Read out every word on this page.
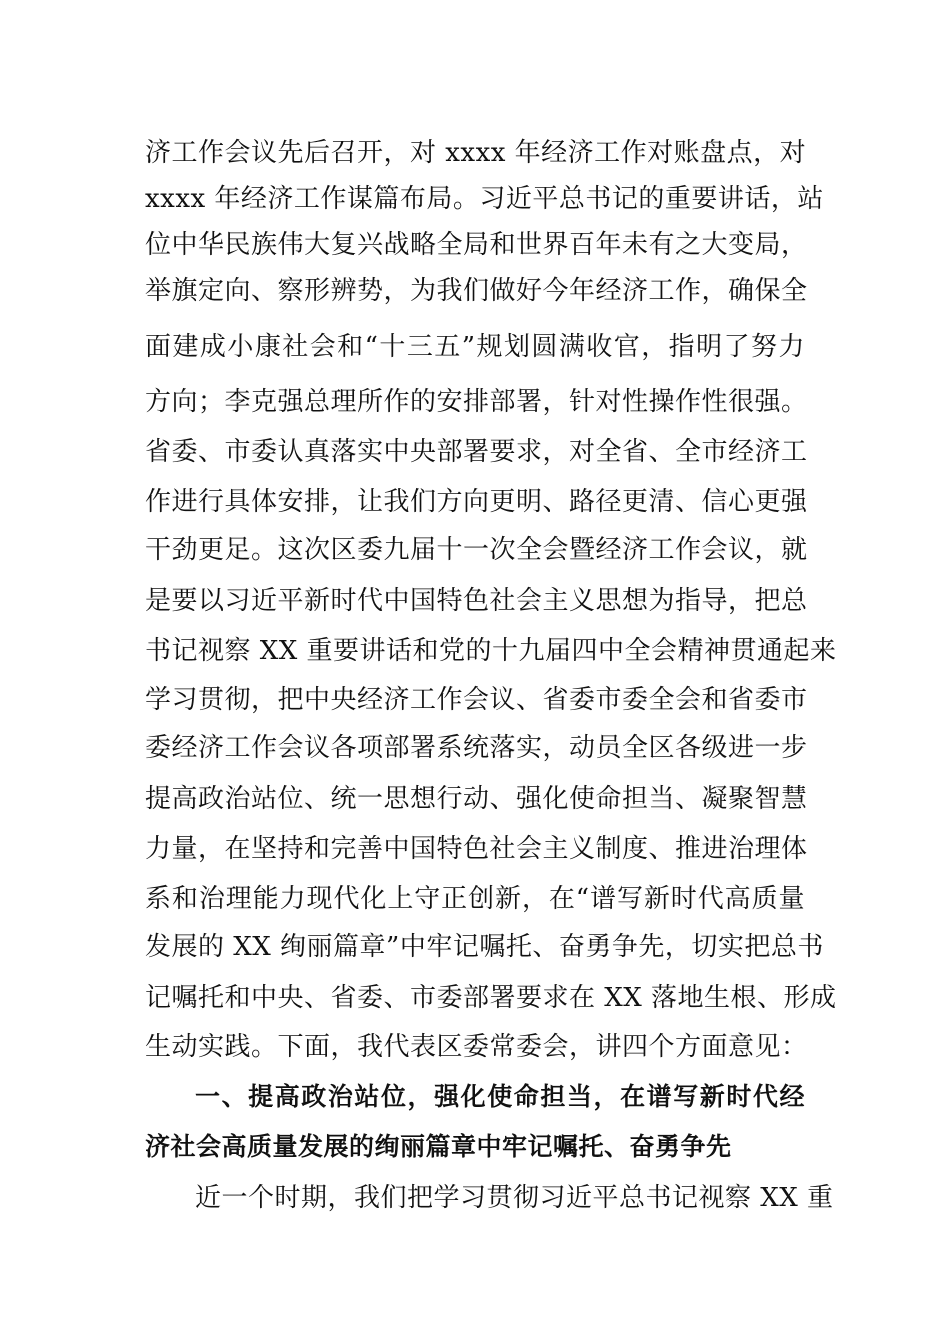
济工作会议先后召开，对 xxxx 年经济工作对账盘点，对
xxxx 年经济工作谋篇布局。习近平总书记的重要讲话，站
位中华民族伟大复兴战略全局和世界百年未有之大变局，
举旗定向、察形辨势，为我们做好今年经济工作，确保全
面建成小康社会和“十三五”规划圆满收官，指明了努力
方向；李克强总理所作的安排部署，针对性操作性很强。
省委、市委认真落实中央部署要求，对全省、全市经济工
作进行具体安排，让我们方向更明、路径更清、信心更强
干劲更足。这次区委九届十一次全会暨经济工作会议，就
是要以习近平新时代中国特色社会主义思想为指导，把总
书记视察 XX 重要讲话和党的十九届四中全会精神贯通起来
学习贯彻，把中央经济工作会议、省委市委全会和省委市
委经济工作会议各项部署系统落实，动员全区各级进一步
提高政治站位、统一思想行动、强化使命担当、凝聚智慧
力量，在坚持和完善中国特色社会主义制度、推进治理体
系和治理能力现代化上守正创新，在“谱写新时代高质量
发展的 XX 绚丽篇章”中牢记嘱托、奋勇争先，切实把总书
记嘱托和中央、省委、市委部署要求在 XX 落地生根、形成
生动实践。下面，我代表区委常委会，讲四个方面意见：
一、提高政治站位，强化使命担当，在谱写新时代经
济社会高质量发展的绚丽篇章中牢记嘱托、奋勇争先
近一个时期，我们把学习贯彻习近平总书记视察 XX 重
